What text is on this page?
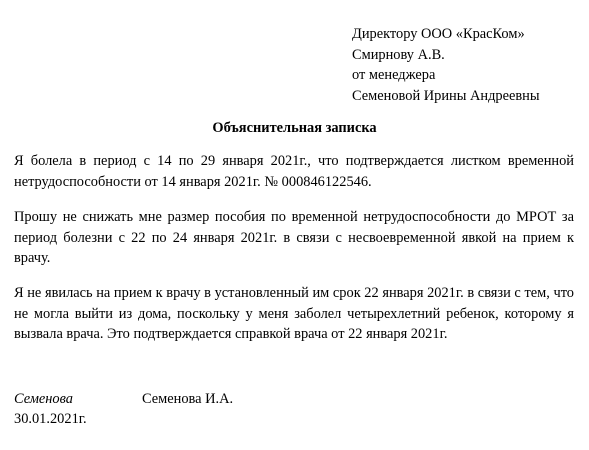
Директору ООО «КрасКом»
Смирнову А.В.
от менеджера
Семеновой Ирины Андреевны
Объяснительная записка

Я болела в период с 14 по 29 января 2021г., что подтверждается листком временной нетрудоспособности от 14 января 2021г. № 000846122546.

Прошу не снижать мне размер пособия по временной нетрудоспособности до МРОТ за период болезни с 22 по 24 января 2021г. в связи с несвоевременной явкой на прием к врачу.

Я не явилась на прием к врачу в установленный им срок 22 января 2021г. в связи с тем, что не могла выйти из дома, поскольку у меня заболел четырехлетний ребенок, которому я вызвала врача. Это подтверждается справкой врача от 22 января 2021г.

Семенова	Семенова И.А.
30.01.2021г.
